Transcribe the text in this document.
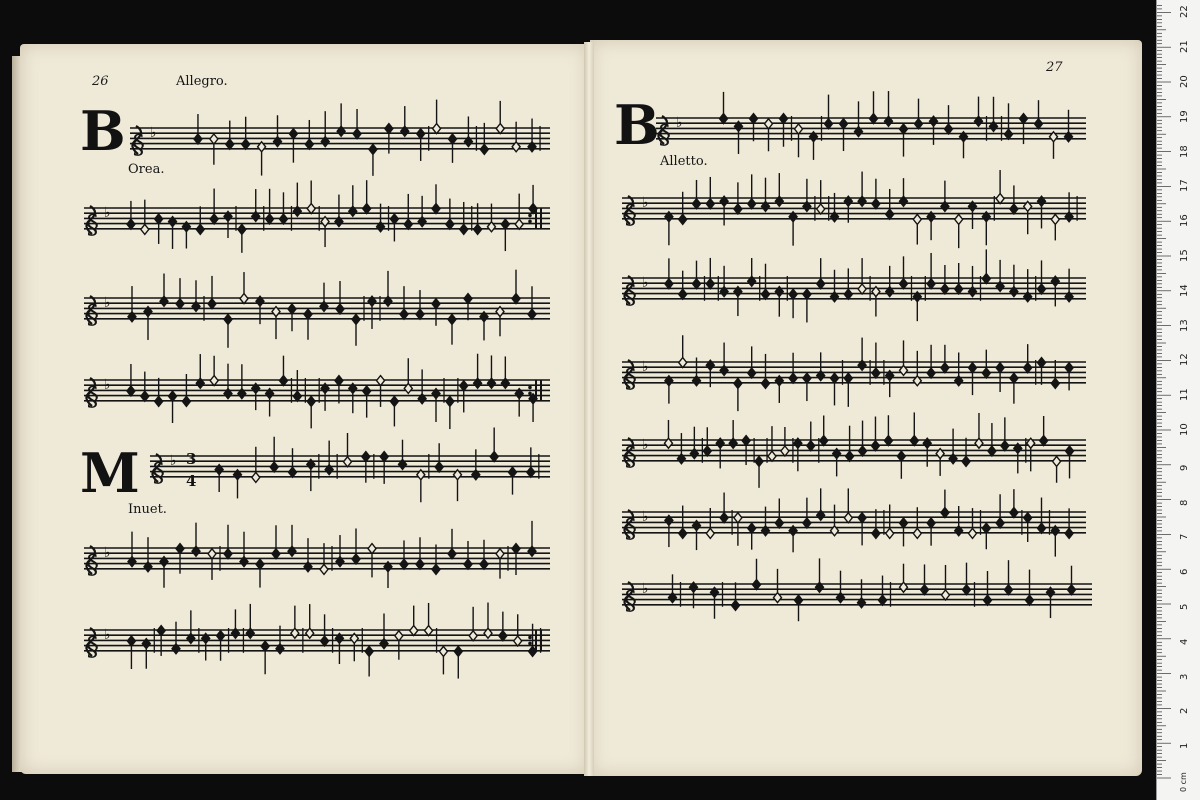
§ ♭
§ ♭
§ ♭
§ ♭
§ ♭
§ ♭
§ ♭
§ ♭
§ ♭
§ ♭
§ ♭
§ ♭
§ ♭
§ ♭
26	Allegro.
B
Orea.
M	3
4
Inuet.
27
B
Alletto.
1
2
3
4
5
6
7
8
9
10
11
12
13
14
15
16
17
18
19
20
21
22
0 cm
